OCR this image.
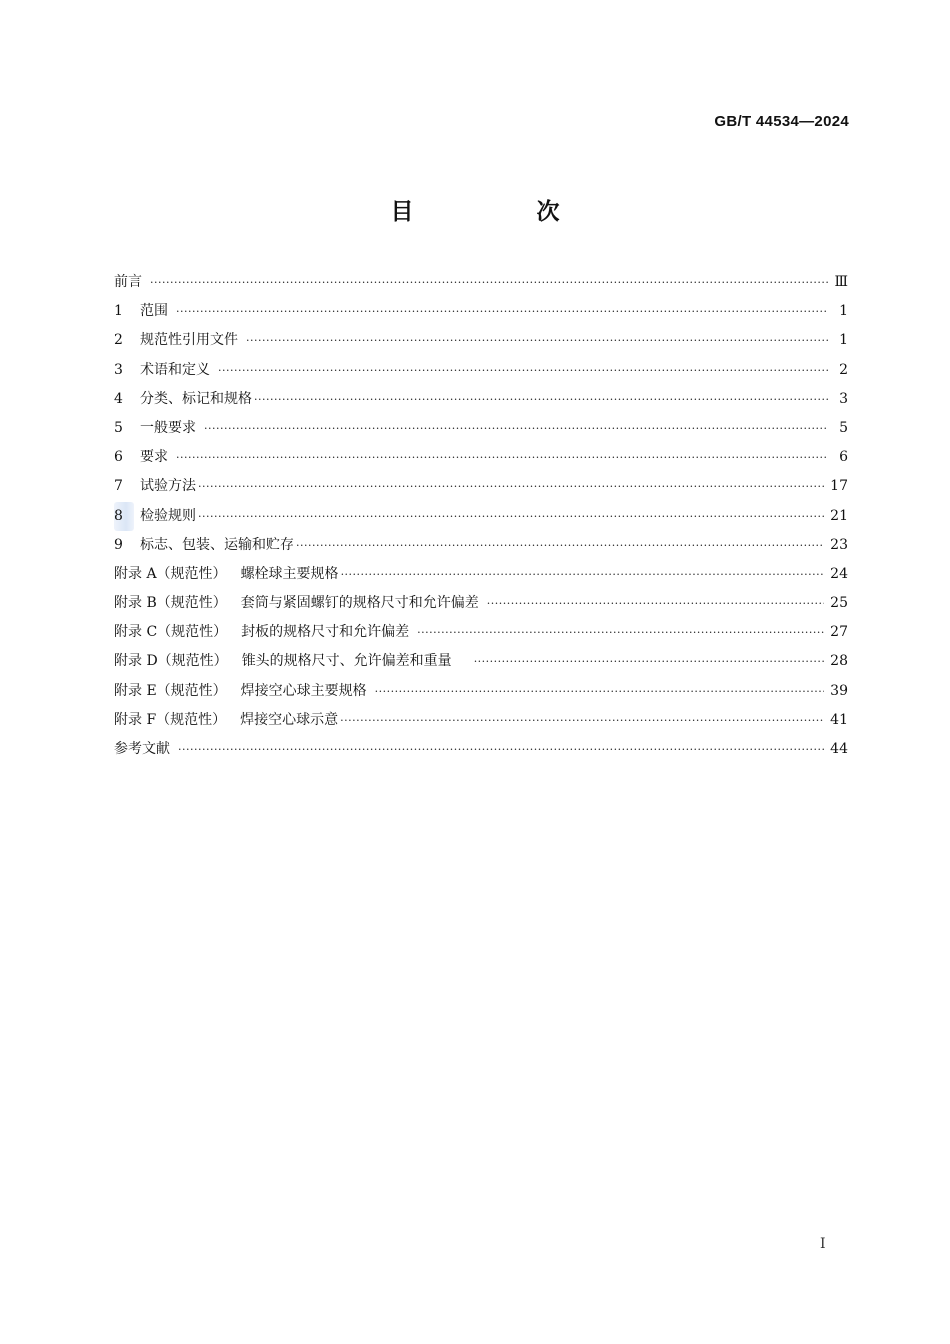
GB/T 44534—2024
目　次
前言 ·····	Ⅲ
1	范围 ·····	1
2	规范性引用文件 ·····	1
3	术语和定义 ·····	2
4	分类、标记和规格 ·····	3
5	一般要求 ·····	5
6	要求 ·····	6
7	试验方法 ·····	17
8	检验规则 ·····	21
9	标志、包装、运输和贮存 ·····	23
附录 A（规范性）	螺栓球主要规格 ·····	24
附录 B（规范性）	套筒与紧固螺钉的规格尺寸和允许偏差 ·····	25
附录 C（规范性）	封板的规格尺寸和允许偏差 ·····	27
附录 D（规范性）	锥头的规格尺寸、允许偏差和重量 ·····	28
附录 E（规范性）	焊接空心球主要规格 ·····	39
附录 F（规范性）	焊接空心球示意 ·····	41
参考文献 ·····	44
I
